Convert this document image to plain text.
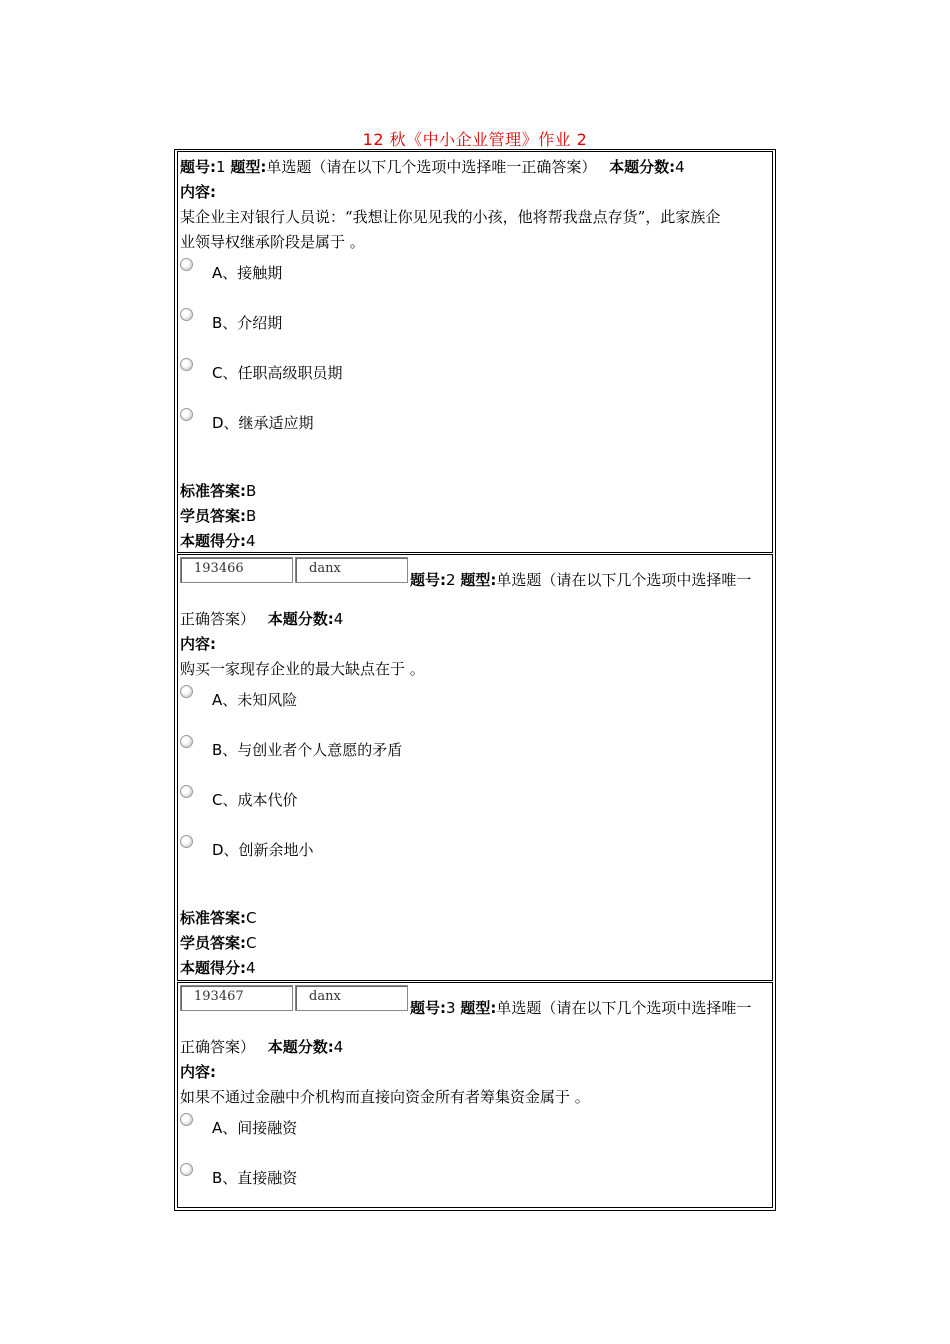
12 秋《中小企业管理》作业 2
题号:1 题型:单选题（请在以下几个选项中选择唯一正确答案） 本题分数:4
内容:
某企业主对银行人员说：“我想让你见见我的小孩，他将帮我盘点存货”，此家族企
业领导权继承阶段是属于 。
A、接触期
B、介绍期
C、任职高级职员期
D、继承适应期
标准答案:B
学员答案:B
本题得分:4
193466	danx
题号:2 题型:单选题（请在以下几个选项中选择唯一
正确答案） 本题分数:4
内容:
购买一家现存企业的最大缺点在于 。
A、未知风险
B、与创业者个人意愿的矛盾
C、成本代价
D、创新余地小
标准答案:C
学员答案:C
本题得分:4
193467	danx
题号:3 题型:单选题（请在以下几个选项中选择唯一
正确答案） 本题分数:4
内容:
如果不通过金融中介机构而直接向资金所有者筹集资金属于 。
A、间接融资
B、直接融资
